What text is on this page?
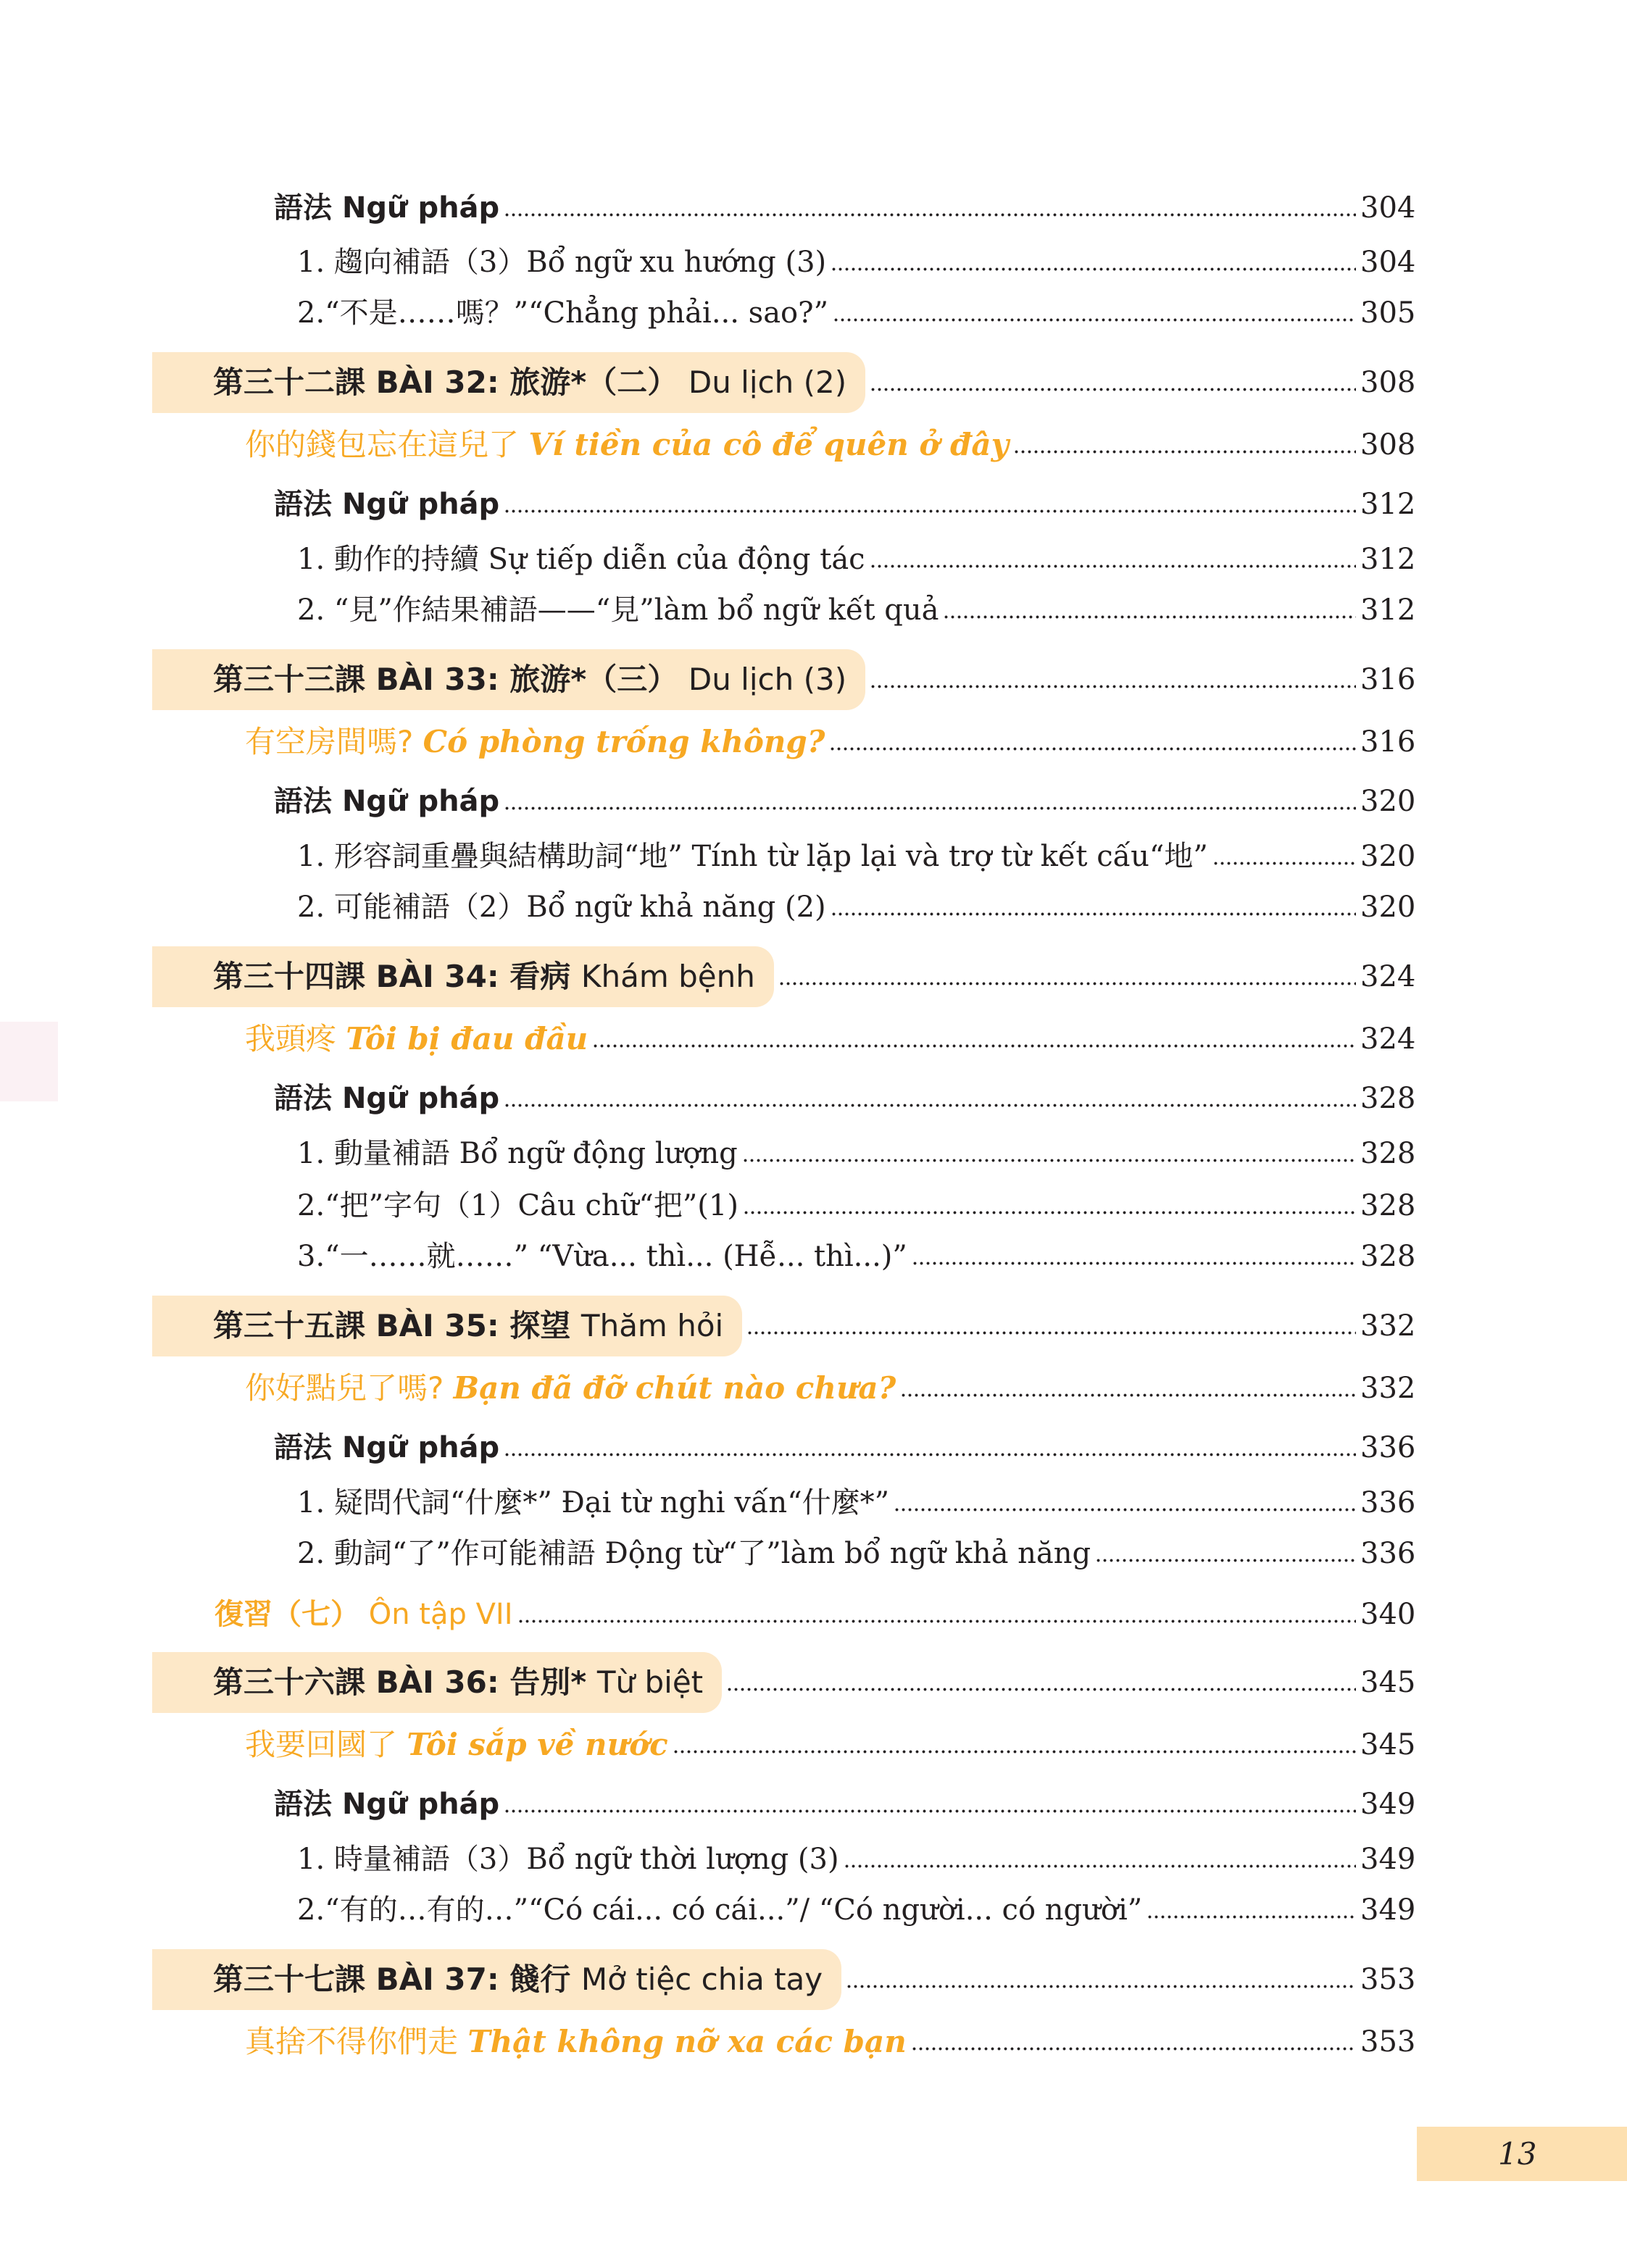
語法 Ngữ pháp	304
1. 趨向補語（3）Bổ ngữ xu hướng (3)	304
2.“不是……嗎？”“Chẳng phải... sao?”	305
第三十二課 BÀI 32: 旅游*（二） Du lịch (2)	308
你的錢包忘在這兒了 Ví tiền của cô để quên ở đây	308
語法 Ngữ pháp	312
1. 動作的持續 Sự tiếp diễn của động tác	312
2. “見”作結果補語——“見”làm bổ ngữ kết quả	312
第三十三課 BÀI 33: 旅游*（三） Du lịch (3)	316
有空房間嗎? Có phòng trống không?	316
語法 Ngữ pháp	320
1. 形容詞重疊與結構助詞“地” Tính từ lặp lại và trợ từ kết cấu“地”	320
2. 可能補語（2）Bổ ngữ khả năng (2)	320
第三十四課 BÀI 34: 看病 Khám bệnh	324
我頭疼 Tôi bị đau đầu	324
語法 Ngữ pháp	328
1. 動量補語 Bổ ngữ động lượng	328
2.“把”字句（1）Câu chữ“把”(1)	328
3.“一……就……” “Vừa... thì... (Hễ... thì...)”	328
第三十五課 BÀI 35: 探望 Thăm hỏi	332
你好點兒了嗎? Bạn đã đỡ chút nào chưa?	332
語法 Ngữ pháp	336
1. 疑問代詞“什麼*” Đại từ nghi vấn“什麼*”	336
2. 動詞“了”作可能補語 Động từ“了”làm bổ ngữ khả năng	336
復習（七） Ôn tập VII	340
第三十六課 BÀI 36: 告別* Từ biệt	345
我要回國了 Tôi sắp về nước	345
語法 Ngữ pháp	349
1. 時量補語（3）Bổ ngữ thời lượng (3)	349
2.“有的…有的…”“Có cái... có cái...”/ “Có người... có người”	349
第三十七課 BÀI 37: 餞行 Mở tiệc chia tay	353
真捨不得你們走 Thật không nỡ xa các bạn	353
13
